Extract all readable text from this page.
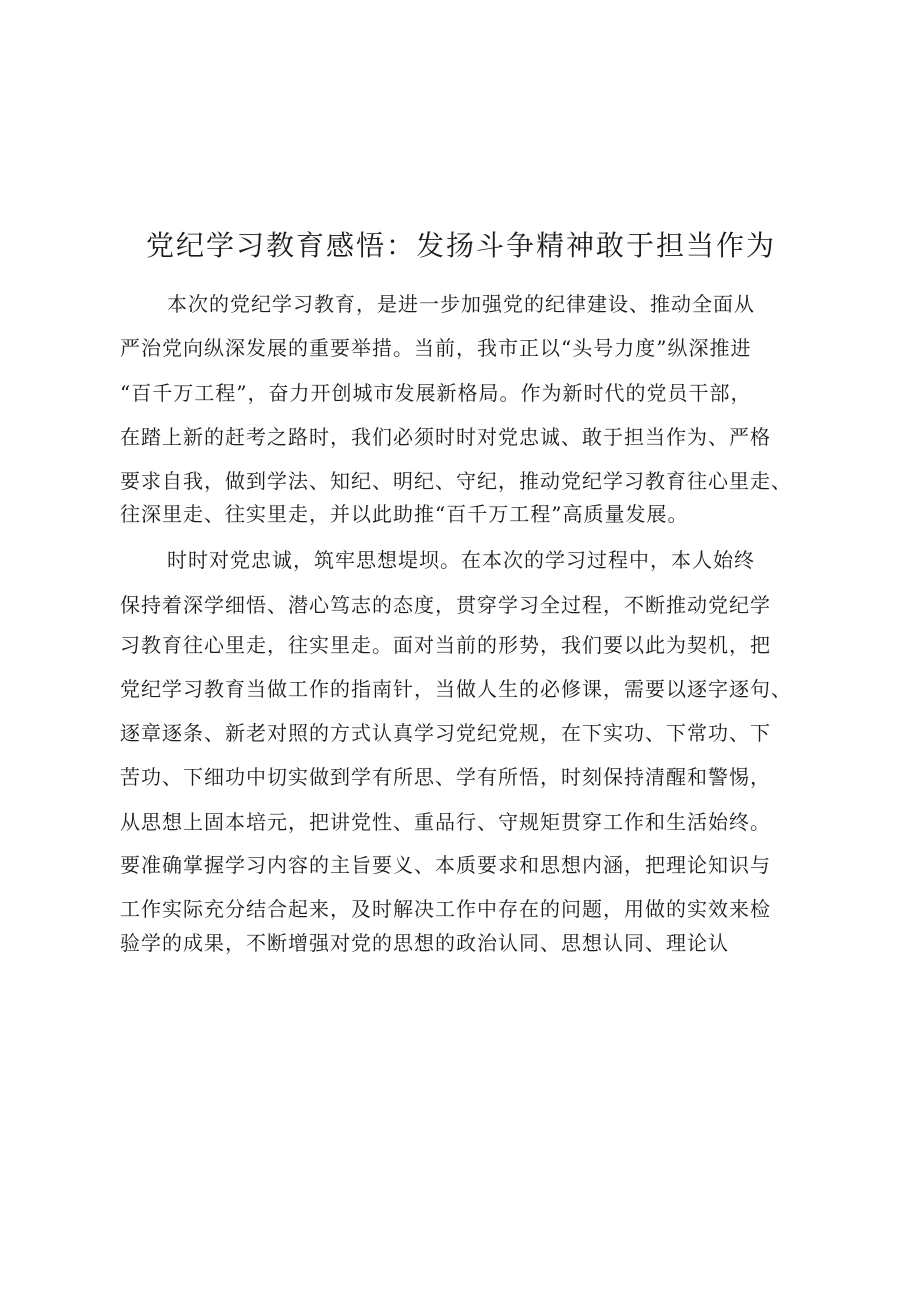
党纪学习教育感悟：发扬斗争精神敢于担当作为

本次的党纪学习教育，是进一步加强党的纪律建设、推动全面从

严治党向纵深发展的重要举措。当前，我市正以“头号力度”纵深推进

“百千万工程”，奋力开创城市发展新格局。作为新时代的党员干部，

在踏上新的赶考之路时，我们必须时时对党忠诚、敢于担当作为、严格

要求自我，做到学法、知纪、明纪、守纪，推动党纪学习教育往心里走、

往深里走、往实里走，并以此助推“百千万工程”高质量发展。

时时对党忠诚，筑牢思想堤坝。在本次的学习过程中，本人始终

保持着深学细悟、潜心笃志的态度，贯穿学习全过程，不断推动党纪学

习教育往心里走，往实里走。面对当前的形势，我们要以此为契机，把

党纪学习教育当做工作的指南针，当做人生的必修课，需要以逐字逐句、

逐章逐条、新老对照的方式认真学习党纪党规，在下实功、下常功、下

苦功、下细功中切实做到学有所思、学有所悟，时刻保持清醒和警惕，

从思想上固本培元，把讲党性、重品行、守规矩贯穿工作和生活始终。

要准确掌握学习内容的主旨要义、本质要求和思想内涵，把理论知识与

工作实际充分结合起来，及时解决工作中存在的问题，用做的实效来检

验学的成果，不断增强对党的思想的政治认同、思想认同、理论认
